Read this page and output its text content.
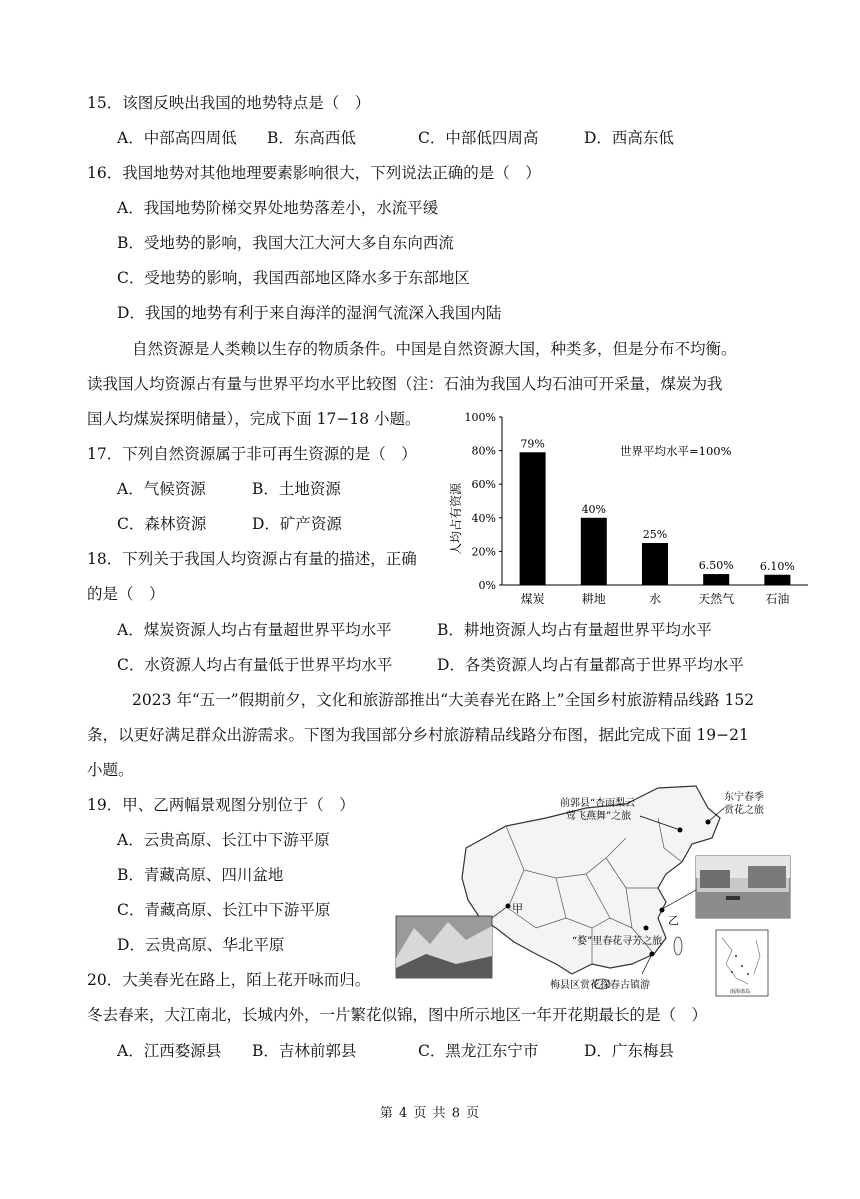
15．该图反映出我国的地势特点是（　）
A．中部高四周低 B．东高西低	C．中部低四周高	D．西高东低
16．我国地势对其他地理要素影响很大，下列说法正确的是（　）
A．我国地势阶梯交界处地势落差小，水流平缓
B．受地势的影响，我国大江大河大多自东向西流
C．受地势的影响，我国西部地区降水多于东部地区
D．我国的地势有利于来自海洋的湿润气流深入我国内陆
自然资源是人类赖以生存的物质条件。中国是自然资源大国，种类多，但是分布不均衡。
读我国人均资源占有量与世界平均水平比较图（注：石油为我国人均石油可开采量，煤炭为我
国人均煤炭探明储量），完成下面 17−18 小题。
17．下列自然资源属于非可再生资源的是（　）
A．气候资源	B．土地资源
C．森林资源	D．矿产资源
18．下列关于我国人均资源占有量的描述，正确
的是（　）
A．煤炭资源人均占有量超世界平均水平	B．耕地资源人均占有量超世界平均水平
C．水资源人均占有量低于世界平均水平	D．各类资源人均占有量都高于世界平均水平
2023 年“五一”假期前夕，文化和旅游部推出“大美春光在路上”全国乡村旅游精品线路 152
条，以更好满足群众出游需求。下图为我国部分乡村旅游精品线路分布图，据此完成下面 19−21
小题。
19．甲、乙两幅景观图分别位于（　）
A．云贵高原、长江中下游平原
B．青藏高原、四川盆地
C．青藏高原、长江中下游平原
D．云贵高原、华北平原
20．大美春光在路上，陌上花开咏而归。
冬去春来，大江南北，长城内外，一片繁花似锦，图中所示地区一年开花期最长的是（　）
A．江西婺源县 B．吉林前郭县	C．黑龙江东宁市	D．广东梅县
0%
20%
40%
60%
80%
100%
79%
煤炭
40%
耕地
25%
水
6.50%
天然气
6.10%
石油
人均占有资源
世界平均水平=100%
南海诸岛
前郭县“杏雨梨云 莺飞燕舞”之旅
东宁春季 赏花之旅
甲
乙
“婺”里春花寻芳之旅
梅县区赏花探春古镇游
第 4 页 共 8 页
